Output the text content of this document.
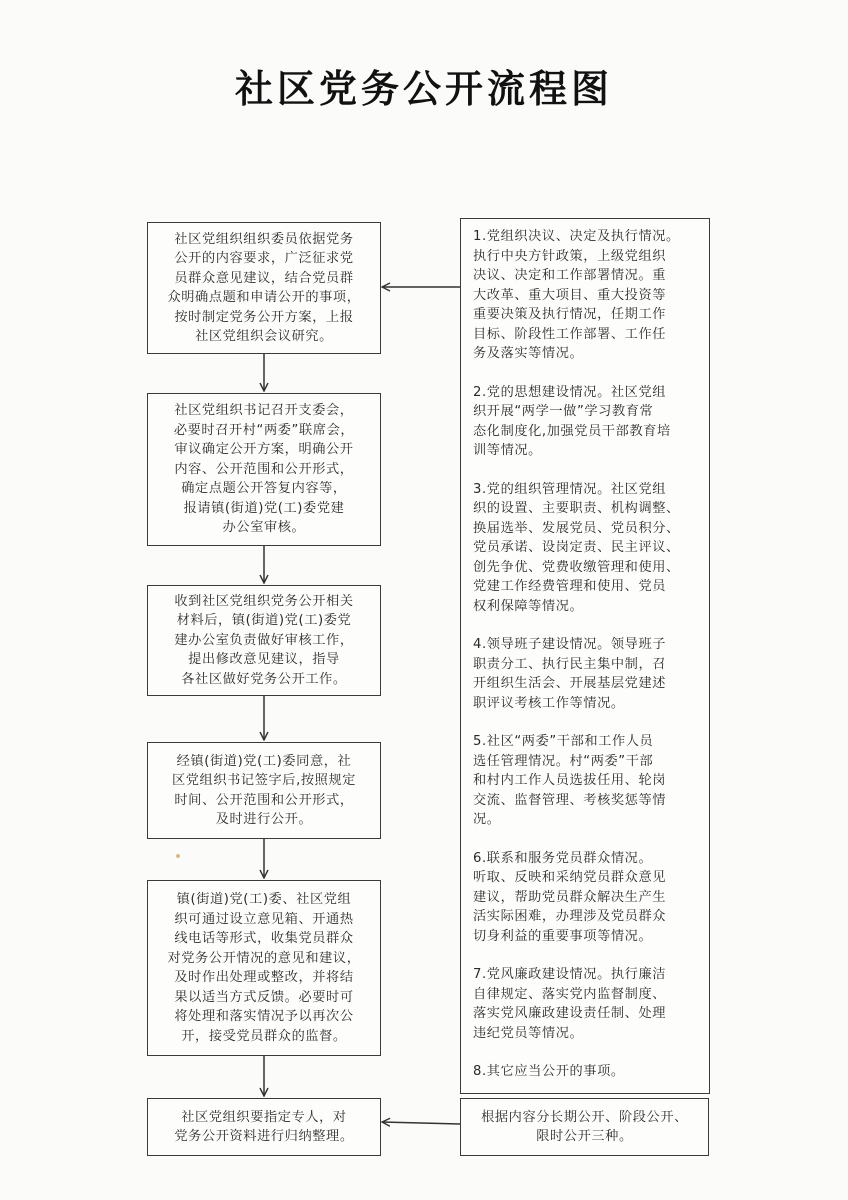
社区党务公开流程图
社区党组织组织委员依据党务
公开的内容要求，广泛征求党
员群众意见建议，结合党员群
众明确点题和申请公开的事项，
按时制定党务公开方案，上报
社区党组织会议研究。
社区党组织书记召开支委会，
必要时召开村“两委”联席会，
审议确定公开方案，明确公开
内容、公开范围和公开形式，
确定点题公开答复内容等，
报请镇(街道)党(工)委党建
办公室审核。
收到社区党组织党务公开相关
材料后，镇(街道)党(工)委党
建办公室负责做好审核工作，
提出修改意见建议，指导
各社区做好党务公开工作。
经镇(街道)党(工)委同意，社
区党组织书记签字后,按照规定
时间、公开范围和公开形式，
及时进行公开。
镇(街道)党(工)委、社区党组
织可通过设立意见箱、开通热
线电话等形式，收集党员群众
对党务公开情况的意见和建议，
及时作出处理或整改，并将结
果以适当方式反馈。必要时可
将处理和落实情况予以再次公
开，接受党员群众的监督。
社区党组织要指定专人，对
党务公开资料进行归纳整理。
1.党组织决议、决定及执行情况。
执行中央方针政策，上级党组织
决议、决定和工作部署情况。重
大改革、重大项目、重大投资等
重要决策及执行情况，任期工作
目标、阶段性工作部署、工作任
务及落实等情况。
2.党的思想建设情况。社区党组
织开展“两学一做”学习教育常
态化制度化,加强党员干部教育培
训等情况。
3.党的组织管理情况。社区党组
织的设置、主要职责、机构调整、
换届选举、发展党员、党员积分、
党员承诺、设岗定责、民主评议、
创先争优、党费收缴管理和使用、
党建工作经费管理和使用、党员
权利保障等情况。
4.领导班子建设情况。领导班子
职责分工、执行民主集中制，召
开组织生活会、开展基层党建述
职评议考核工作等情况。
5.社区“两委”干部和工作人员
选任管理情况。村“两委”干部
和村内工作人员选拔任用、轮岗
交流、监督管理、考核奖惩等情
况。
6.联系和服务党员群众情况。
听取、反映和采纳党员群众意见
建议，帮助党员群众解决生产生
活实际困难，办理涉及党员群众
切身利益的重要事项等情况。
7.党风廉政建设情况。执行廉洁
自律规定、落实党内监督制度、
落实党风廉政建设责任制、处理
违纪党员等情况。
8.其它应当公开的事项。
根据内容分长期公开、阶段公开、
限时公开三种。
